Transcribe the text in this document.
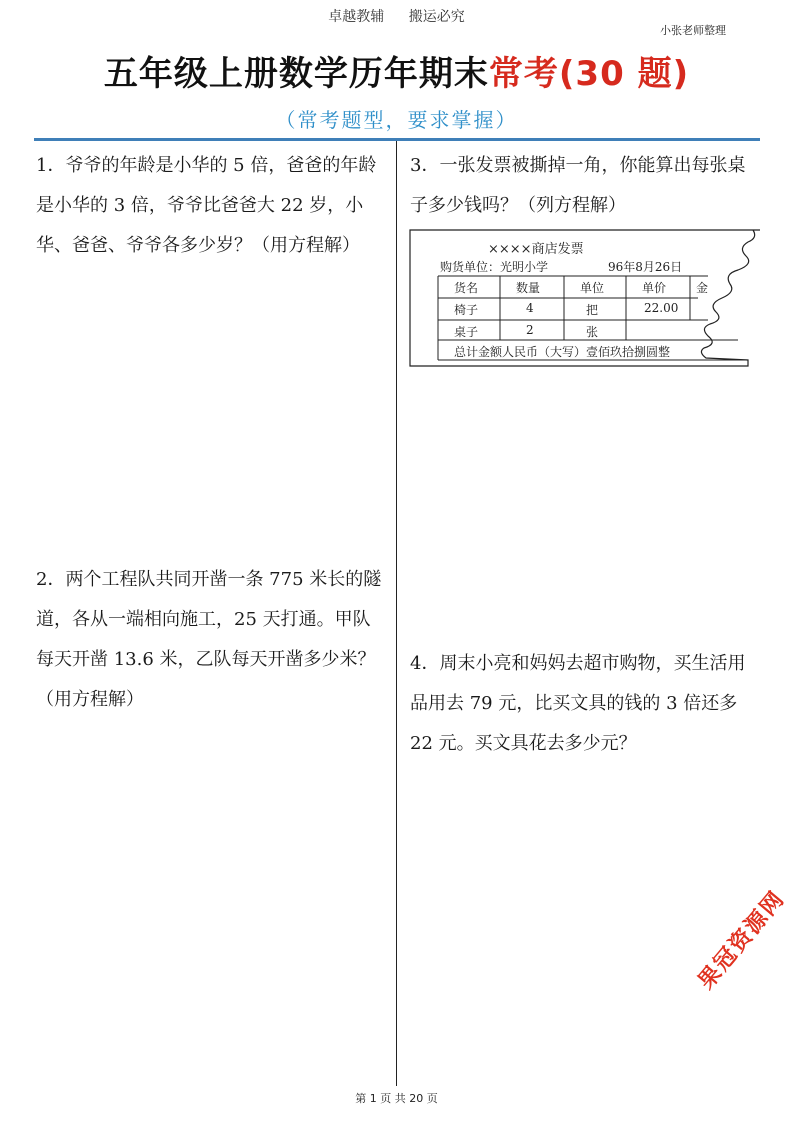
卓越教辅 搬运必究
小张老师整理
五年级上册数学历年期末常考(30 题)
（常考题型，要求掌握）
1．爷爷的年龄是小华的 5 倍，爸爸的年龄是小华的 3 倍，爷爷比爸爸大 22 岁，小华、爸爸、爷爷各多少岁？（用方程解）
2．两个工程队共同开凿一条 775 米长的隧道，各从一端相向施工，25 天打通。甲队每天开凿 13.6 米，乙队每天开凿多少米？（用方程解）
3．一张发票被撕掉一角，你能算出每张桌子多少钱吗？（列方程解）
4．周末小亮和妈妈去超市购物，买生活用品用去 79 元，比买文具的钱的 3 倍还多 22 元。买文具花去多少元？
××××商店发票
购货单位：光明小学	96年8月26日
货名	数量	单位	单价 金
椅子	4	把	22.00
桌子	2	张
总计金额人民币（大写）壹佰玖拾捌圆整
第 1 页 共 20 页
果冠资源网
